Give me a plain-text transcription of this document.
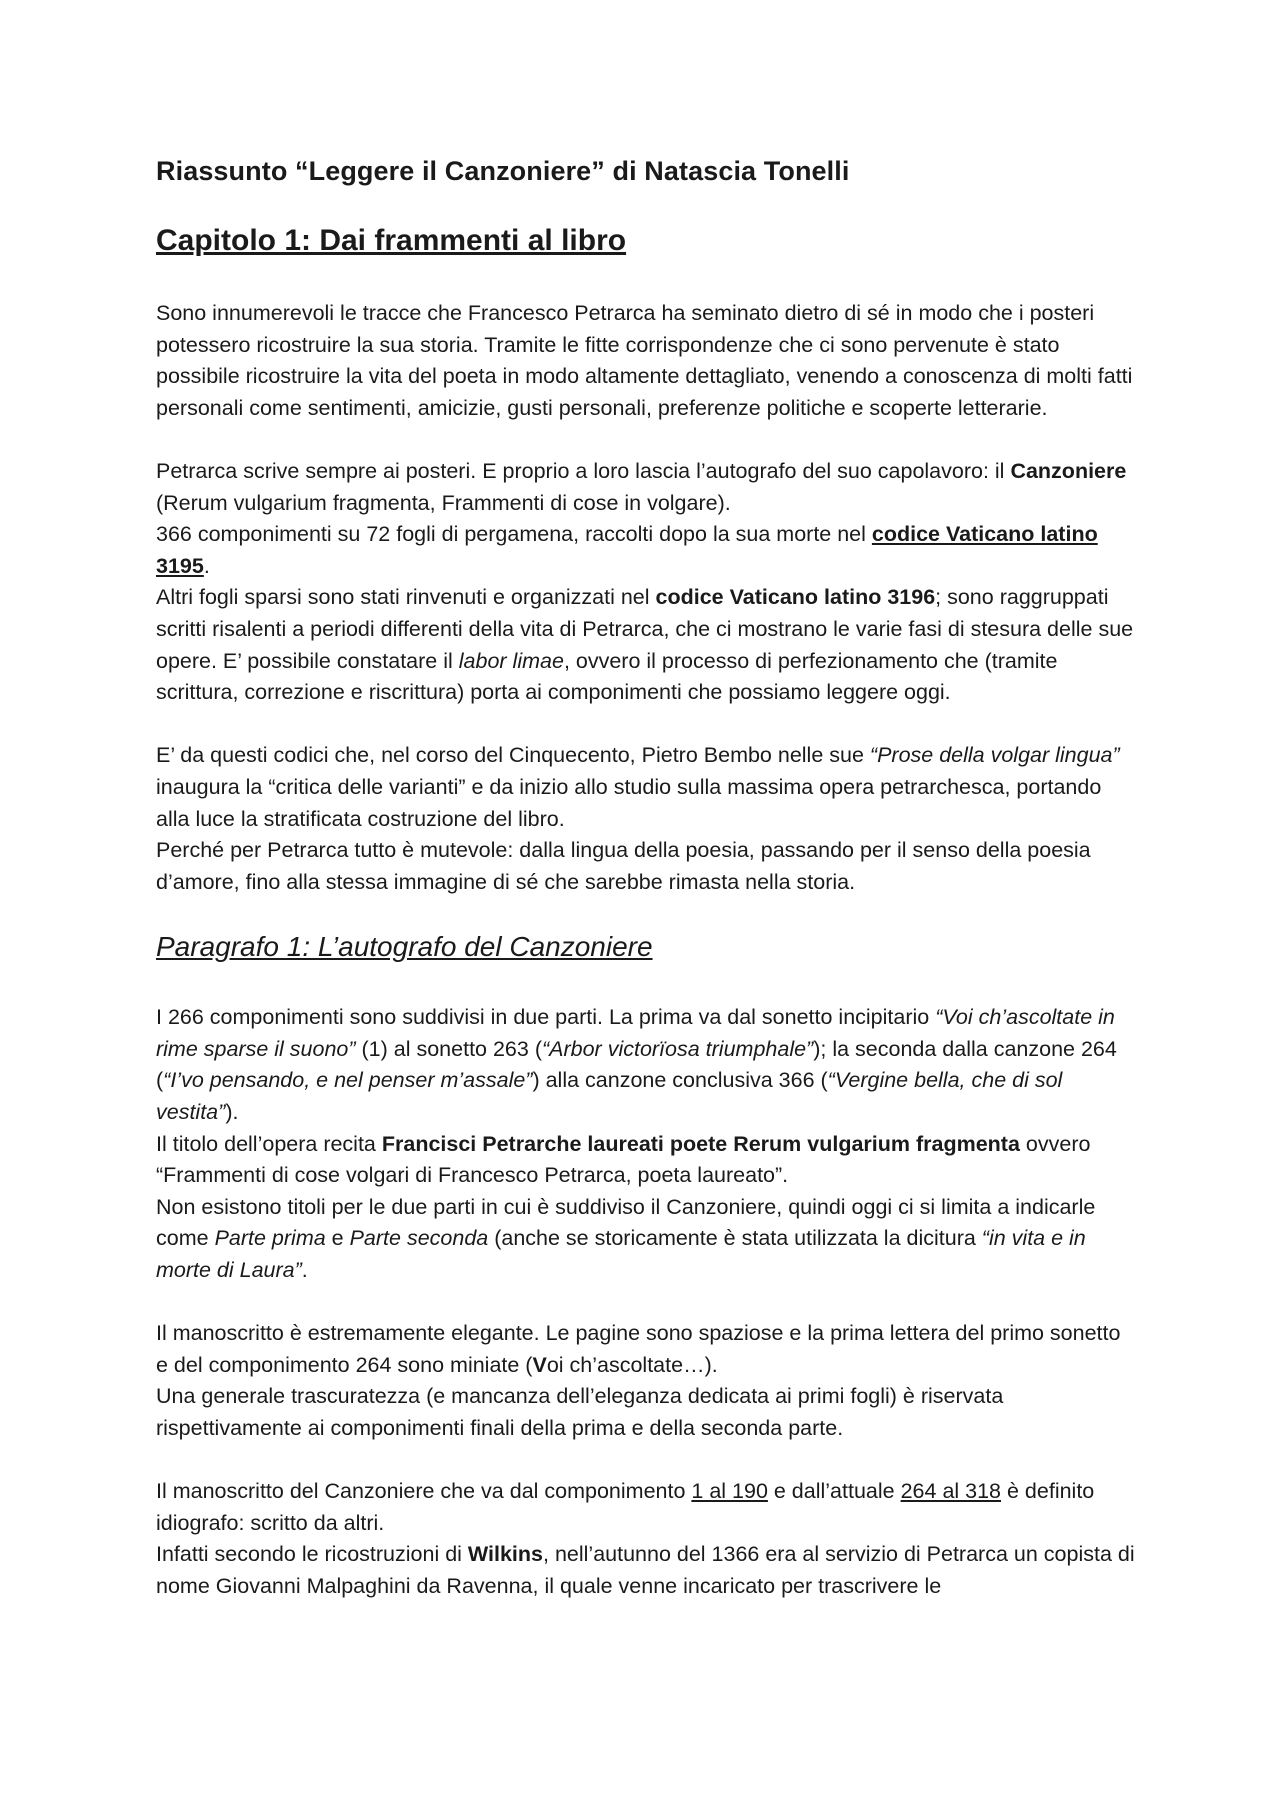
Riassunto “Leggere il Canzoniere” di Natascia Tonelli
Capitolo 1: Dai frammenti al libro

Sono innumerevoli le tracce che Francesco Petrarca ha seminato dietro di sé in modo che i posteri potessero ricostruire la sua storia. Tramite le fitte corrispondenze che ci sono pervenute è stato possibile ricostruire la vita del poeta in modo altamente dettagliato, venendo a conoscenza di molti fatti personali come sentimenti, amicizie, gusti personali, preferenze politiche e scoperte letterarie.

Petrarca scrive sempre ai posteri. E proprio a loro lascia l’autografo del suo capolavoro: il Canzoniere (Rerum vulgarium fragmenta, Frammenti di cose in volgare).
366 componimenti su 72 fogli di pergamena, raccolti dopo la sua morte nel codice Vaticano latino 3195.
Altri fogli sparsi sono stati rinvenuti e organizzati nel codice Vaticano latino 3196; sono raggruppati scritti risalenti a periodi differenti della vita di Petrarca, che ci mostrano le varie fasi di stesura delle sue opere. E’ possibile constatare il labor limae, ovvero il processo di perfezionamento che (tramite scrittura, correzione e riscrittura) porta ai componimenti che possiamo leggere oggi.

E’ da questi codici che, nel corso del Cinquecento, Pietro Bembo nelle sue “Prose della volgar lingua” inaugura la “critica delle varianti” e da inizio allo studio sulla massima opera petrarchesca, portando alla luce la stratificata costruzione del libro.
Perché per Petrarca tutto è mutevole: dalla lingua della poesia, passando per il senso della poesia d’amore, fino alla stessa immagine di sé che sarebbe rimasta nella storia.

Paragrafo 1: L’autografo del Canzoniere

I 266 componimenti sono suddivisi in due parti. La prima va dal sonetto incipitario “Voi ch’ascoltate in rime sparse il suono” (1) al sonetto 263 (“Arbor victorïosa triumphale”); la seconda dalla canzone 264 (“I’vo pensando, e nel penser m’assale”) alla canzone conclusiva 366 (“Vergine bella, che di sol vestita”).
Il titolo dell’opera recita Francisci Petrarche laureati poete Rerum vulgarium fragmenta ovvero “Frammenti di cose volgari di Francesco Petrarca, poeta laureato”.
Non esistono titoli per le due parti in cui è suddiviso il Canzoniere, quindi oggi ci si limita a indicarle come Parte prima e Parte seconda (anche se storicamente è stata utilizzata la dicitura “in vita e in morte di Laura”.

Il manoscritto è estremamente elegante. Le pagine sono spaziose e la prima lettera del primo sonetto e del componimento 264 sono miniate (Voi ch’ascoltate…).
Una generale trascuratezza (e mancanza dell’eleganza dedicata ai primi fogli) è riservata rispettivamente ai componimenti finali della prima e della seconda parte.

Il manoscritto del Canzoniere che va dal componimento 1 al 190 e dall’attuale 264 al 318 è definito idiografo: scritto da altri.
Infatti secondo le ricostruzioni di Wilkins, nell’autunno del 1366 era al servizio di Petrarca un copista di nome Giovanni Malpaghini da Ravenna, il quale venne incaricato per trascrivere le
